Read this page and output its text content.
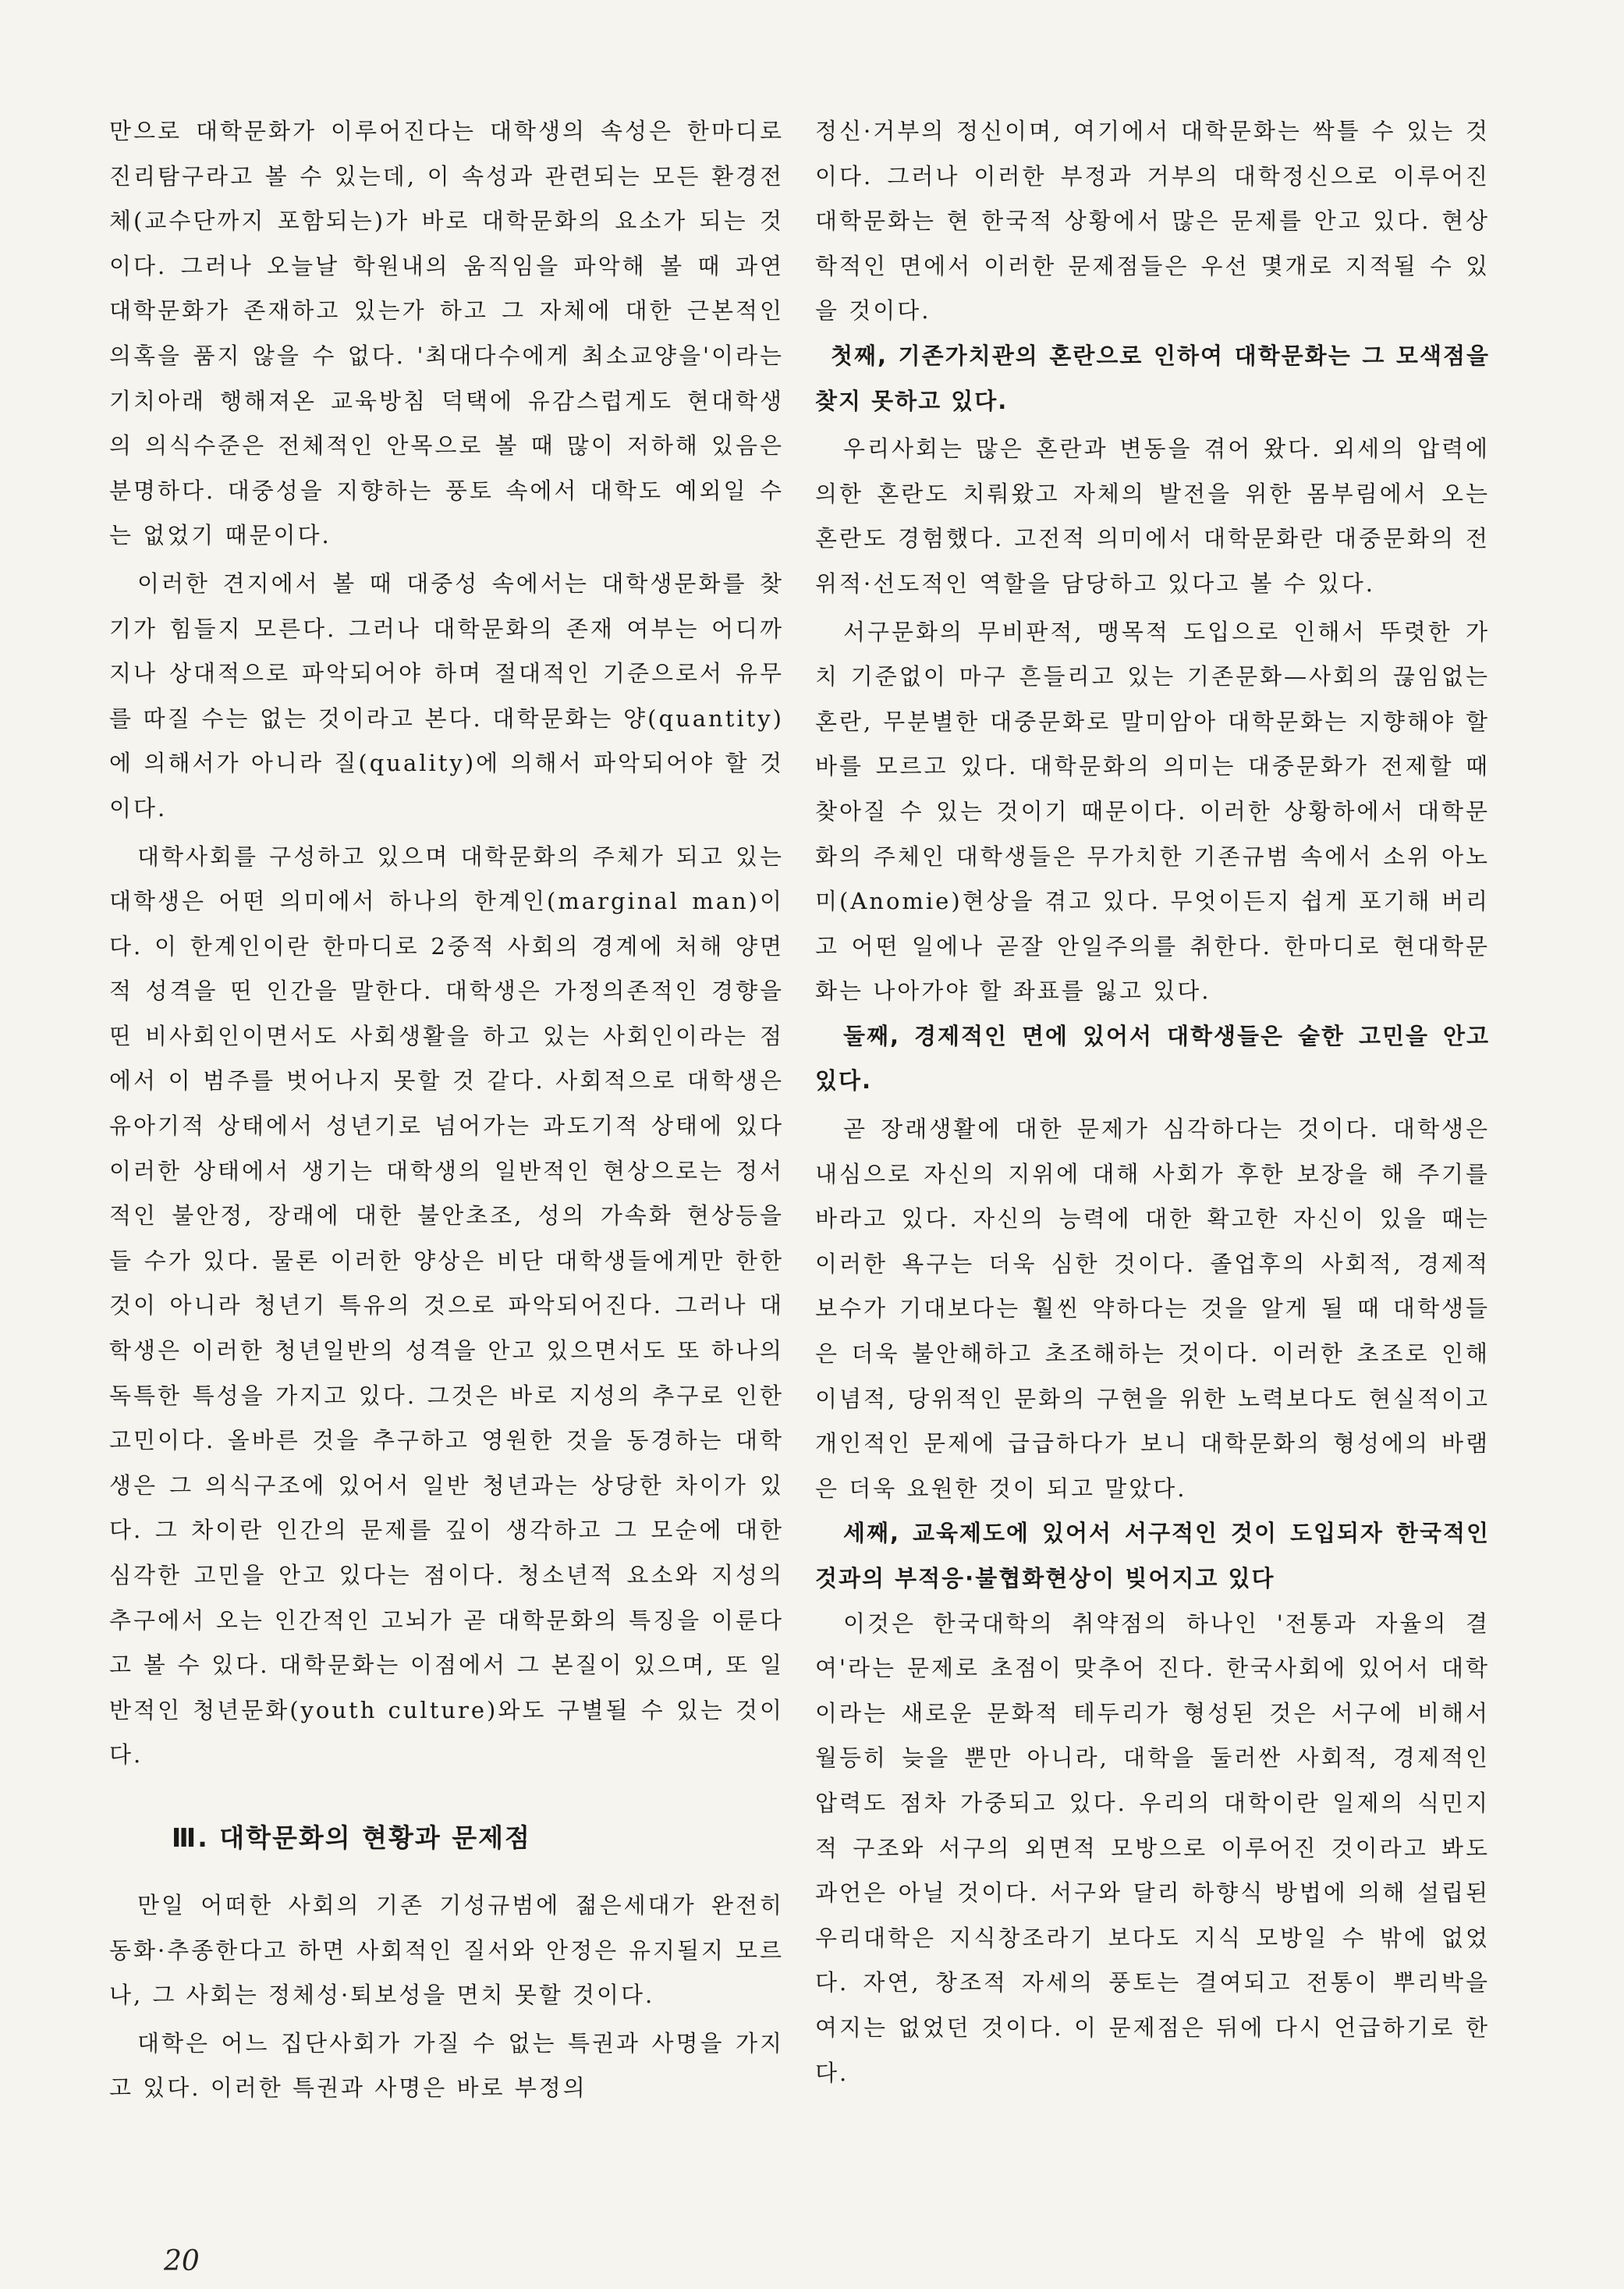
만으로 대학문화가 이루어진다는 대학생의 속성은 한마디로 진리탐구라고 볼 수 있는데, 이 속성과 관련되는 모든 환경전체(교수단까지 포함되는)가 바로 대학문화의 요소가 되는 것이다. 그러나 오늘날 학원내의 움직임을 파악해 볼 때 과연 대학문화가 존재하고 있는가 하고 그 자체에 대한 근본적인 의혹을 품지 않을 수 없다. '최대다수에게 최소교양을'이라는 기치아래 행해져온 교육방침 덕택에 유감스럽게도 현대학생의 의식수준은 전체적인 안목으로 볼 때 많이 저하해 있음은 분명하다. 대중성을 지향하는 풍토 속에서 대학도 예외일 수는 없었기 때문이다.

이러한 견지에서 볼 때 대중성 속에서는 대학생문화를 찾기가 힘들지 모른다. 그러나 대학문화의 존재 여부는 어디까지나 상대적으로 파악되어야 하며 절대적인 기준으로서 유무를 따질 수는 없는 것이라고 본다. 대학문화는 양(quantity)에 의해서가 아니라 질(quality)에 의해서 파악되어야 할 것이다.

대학사회를 구성하고 있으며 대학문화의 주체가 되고 있는 대학생은 어떤 의미에서 하나의 한계인(marginal man)이다. 이 한계인이란 한마디로 2중적 사회의 경계에 처해 양면적 성격을 띤 인간을 말한다. 대학생은 가정의존적인 경향을 띤 비사회인이면서도 사회생활을 하고 있는 사회인이라는 점에서 이 범주를 벗어나지 못할 것 같다. 사회적으로 대학생은 유아기적 상태에서 성년기로 넘어가는 과도기적 상태에 있다 이러한 상태에서 생기는 대학생의 일반적인 현상으로는 정서적인 불안정, 장래에 대한 불안초조, 성의 가속화 현상등을 들 수가 있다. 물론 이러한 양상은 비단 대학생들에게만 한한 것이 아니라 청년기 특유의 것으로 파악되어진다. 그러나 대학생은 이러한 청년일반의 성격을 안고 있으면서도 또 하나의 독특한 특성을 가지고 있다. 그것은 바로 지성의 추구로 인한 고민이다. 올바른 것을 추구하고 영원한 것을 동경하는 대학생은 그 의식구조에 있어서 일반 청년과는 상당한 차이가 있다. 그 차이란 인간의 문제를 깊이 생각하고 그 모순에 대한 심각한 고민을 안고 있다는 점이다. 청소년적 요소와 지성의 추구에서 오는 인간적인 고뇌가 곧 대학문화의 특징을 이룬다고 볼 수 있다. 대학문화는 이점에서 그 본질이 있으며, 또 일반적인 청년문화(youth culture)와도 구별될 수 있는 것이다.

Ⅲ. 대학문화의 현황과 문제점

만일 어떠한 사회의 기존 기성규범에 젊은세대가 완전히 동화·추종한다고 하면 사회적인 질서와 안정은 유지될지 모르나, 그 사회는 정체성·퇴보성을 면치 못할 것이다.

대학은 어느 집단사회가 가질 수 없는 특권과 사명을 가지고 있다. 이러한 특권과 사명은 바로 부정의

정신·거부의 정신이며, 여기에서 대학문화는 싹틀 수 있는 것이다. 그러나 이러한 부정과 거부의 대학정신으로 이루어진 대학문화는 현 한국적 상황에서 많은 문제를 안고 있다. 현상학적인 면에서 이러한 문제점들은 우선 몇개로 지적될 수 있을 것이다.

첫째, 기존가치관의 혼란으로 인하여 대학문화는 그 모색점을 찾지 못하고 있다.

우리사회는 많은 혼란과 변동을 겪어 왔다. 외세의 압력에 의한 혼란도 치뤄왔고 자체의 발전을 위한 몸부림에서 오는 혼란도 경험했다. 고전적 의미에서 대학문화란 대중문화의 전위적·선도적인 역할을 담당하고 있다고 볼 수 있다.

서구문화의 무비판적, 맹목적 도입으로 인해서 뚜렷한 가치 기준없이 마구 흔들리고 있는 기존문화—사회의 끊임없는 혼란, 무분별한 대중문화로 말미암아 대학문화는 지향해야 할 바를 모르고 있다. 대학문화의 의미는 대중문화가 전제할 때 찾아질 수 있는 것이기 때문이다. 이러한 상황하에서 대학문화의 주체인 대학생들은 무가치한 기존규범 속에서 소위 아노미(Anomie)현상을 겪고 있다. 무엇이든지 쉽게 포기해 버리고 어떤 일에나 곧잘 안일주의를 취한다. 한마디로 현대학문화는 나아가야 할 좌표를 잃고 있다.

둘째, 경제적인 면에 있어서 대학생들은 숱한 고민을 안고 있다.

곧 장래생활에 대한 문제가 심각하다는 것이다. 대학생은 내심으로 자신의 지위에 대해 사회가 후한 보장을 해 주기를 바라고 있다. 자신의 능력에 대한 확고한 자신이 있을 때는 이러한 욕구는 더욱 심한 것이다. 졸업후의 사회적, 경제적 보수가 기대보다는 훨씬 약하다는 것을 알게 될 때 대학생들은 더욱 불안해하고 초조해하는 것이다. 이러한 초조로 인해 이념적, 당위적인 문화의 구현을 위한 노력보다도 현실적이고 개인적인 문제에 급급하다가 보니 대학문화의 형성에의 바램은 더욱 요원한 것이 되고 말았다.

세째, 교육제도에 있어서 서구적인 것이 도입되자 한국적인 것과의 부적응·불협화현상이 빚어지고 있다

이것은 한국대학의 취약점의 하나인 '전통과 자율의 결여'라는 문제로 초점이 맞추어 진다. 한국사회에 있어서 대학이라는 새로운 문화적 테두리가 형성된 것은 서구에 비해서 월등히 늦을 뿐만 아니라, 대학을 둘러싼 사회적, 경제적인 압력도 점차 가중되고 있다. 우리의 대학이란 일제의 식민지적 구조와 서구의 외면적 모방으로 이루어진 것이라고 봐도 과언은 아닐 것이다. 서구와 달리 하향식 방법에 의해 설립된 우리대학은 지식창조라기 보다도 지식 모방일 수 밖에 없었다. 자연, 창조적 자세의 풍토는 결여되고 전통이 뿌리박을 여지는 없었던 것이다. 이 문제점은 뒤에 다시 언급하기로 한다.

20
